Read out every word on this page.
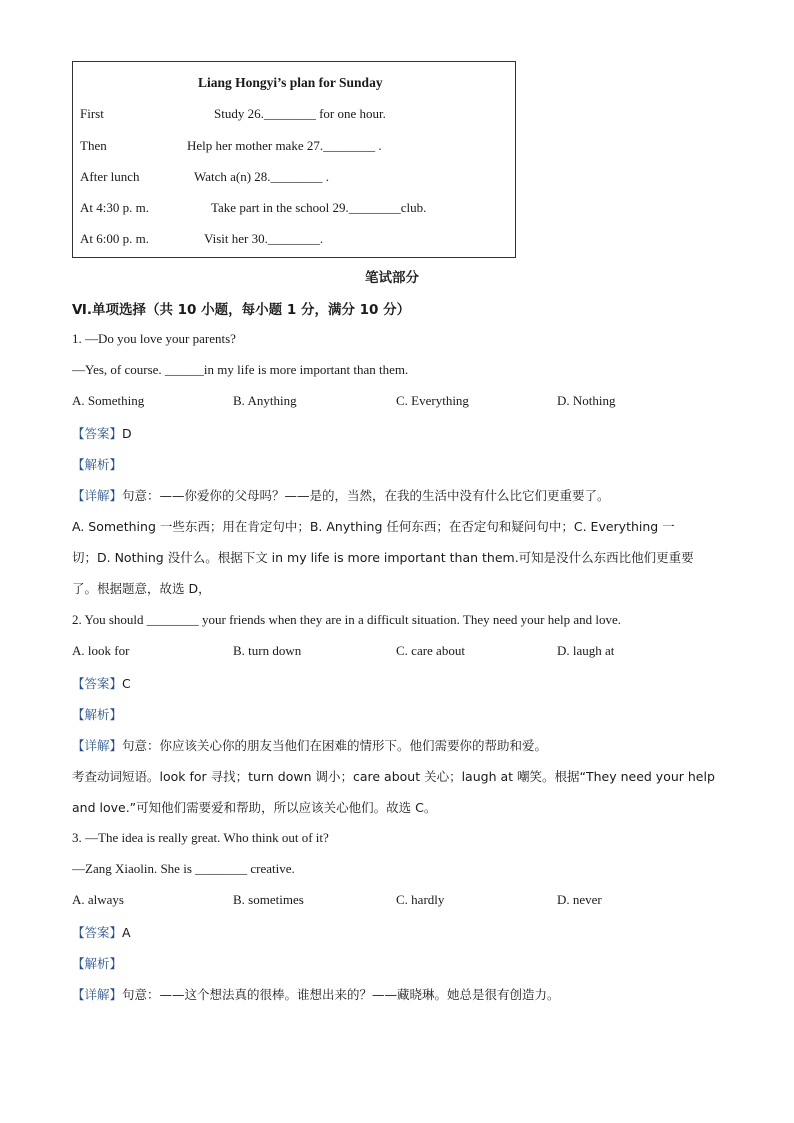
Liang Hongyi’s plan for Sunday
First	Study 26.________ for one hour.
Then	Help her mother make 27.________ .
After lunch	Watch a(n) 28.________ .
At 4:30 p. m.	Take part in the school 29.________club.
At 6:00 p. m.	Visit her 30.________.
笔试部分
Ⅵ.单项选择（共 10 小题，每小题 1 分，满分 10 分）
1. —Do you love your parents?
—Yes, of course. ______in my life is more important than them.
A. Something	B. Anything	C. Everything	D. Nothing
【答案】D
【解析】
【详解】句意：——你爱你的父母吗？——是的，当然，在我的生活中没有什么比它们更重要了。
A. Something 一些东西；用在肯定句中；B. Anything 任何东西；在否定句和疑问句中；C. Everything 一
切；D. Nothing 没什么。根据下文 in my life is more important than them.可知是没什么东西比他们更重要
了。根据题意，故选 D，
2. You should ________ your friends when they are in a difficult situation. They need your help and love.
A. look for	B. turn down	C. care about	D. laugh at
【答案】C
【解析】
【详解】句意：你应该关心你的朋友当他们在困难的情形下。他们需要你的帮助和爱。
考查动词短语。look for 寻找；turn down 调小；care about 关心；laugh at 嘲笑。根据“They need your help
and love.”可知他们需要爱和帮助，所以应该关心他们。故选 C。
3. —The idea is really great. Who think out of it?
—Zang Xiaolin. She is ________ creative.
A. always	B. sometimes	C. hardly	D. never
【答案】A
【解析】
【详解】句意：——这个想法真的很棒。谁想出来的？——藏晓琳。她总是很有创造力。
